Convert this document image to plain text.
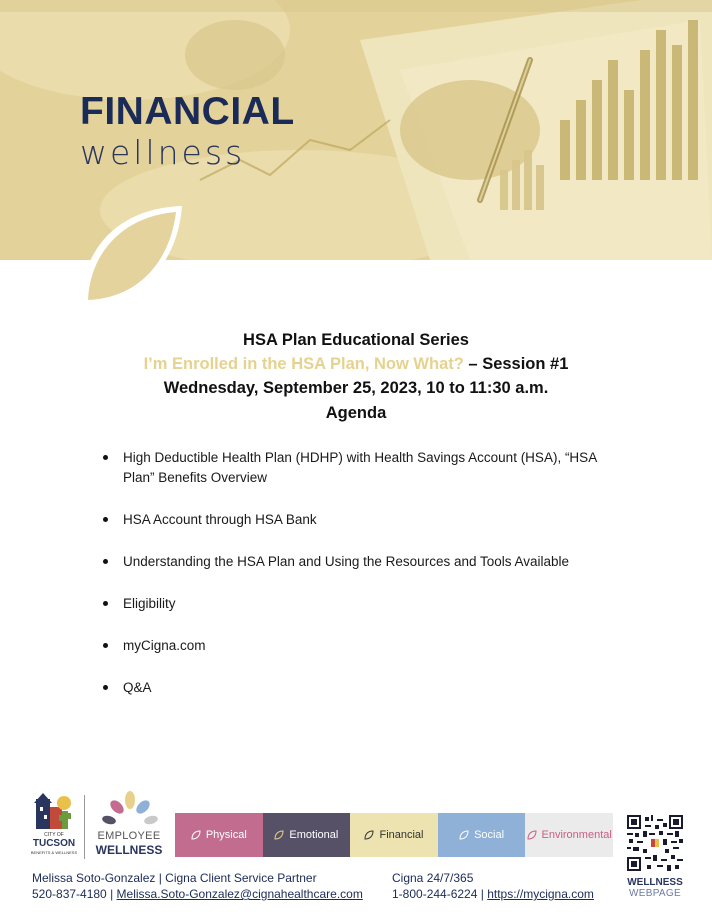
FINANCIAL
wellness
HSA Plan Educational Series
I’m Enrolled in the HSA Plan, Now What? – Session #1
Wednesday, September 25, 2023, 10 to 11:30 a.m.
Agenda
High Deductible Health Plan (HDHP) with Health Savings Account (HSA), “HSA Plan” Benefits Overview
HSA Account through HSA Bank
Understanding the HSA Plan and Using the Resources and Tools Available
Eligibility
myCigna.com
Q&A
CITY OF
TUCSON
BENEFITS & WELLNESS
EMPLOYEE
WELLNESS
Physical	Emotional	Financial	Social	Environmental
WELLNESS
WEBPAGE
Melissa Soto-Gonzalez | Cigna Client Service Partner
520-837-4180 | Melissa.Soto-Gonzalez@cignahealthcare.com
Cigna 24/7/365
1-800-244-6224 | https://mycigna.com
